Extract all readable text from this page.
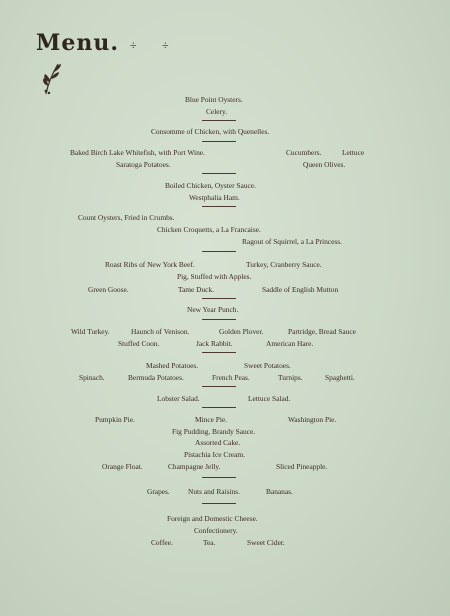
Menu. ÷ ÷
Blue Point Oysters.
Celery.
Consomme of Chicken, with Quenelles.
Baked Birch Lake Whitefish, with Port Wine.	Cucumbers.	Lettuce
Saratoga Potatoes.	Queen Olives.
Boiled Chicken, Oyster Sauce.
Westphalia Ham.
Count Oysters, Fried in Crumbs.
Chicken Croquetts, a La Francaise.
Ragout of Squirrel, a La Princess.
Roast Ribs of New York Beef.	Turkey, Cranberry Sauce.
Pig, Stuffed with Apples.
Green Goose.	Tame Duck.	Saddle of English Mutton
New Year Punch.
Wild Turkey.	Haunch of Venison.	Golden Plover.	Partridge, Bread Sauce
Stuffed Coon.	Jack Rabbit.	American Hare.
Mashed Potatoes.	Sweet Potatoes.
Spinach.	Bermuda Potatoes.	French Peas.	Turnips.	Spaghetti.
Lobster Salad.	Lettuce Salad.
Pumpkin Pie.	Mince Pie.	Washington Pie.
Fig Pudding, Brandy Sauce.
Assorted Cake.
Pistachia Ice Cream.
Orange Float.	Champagne Jelly.	Sliced Pineapple.
Grapes. Nuts and Raisins.	Bananas.
Foreign and Domestic Cheese.
Confectionery.
Coffee.	Tea.	Sweet Cider.
